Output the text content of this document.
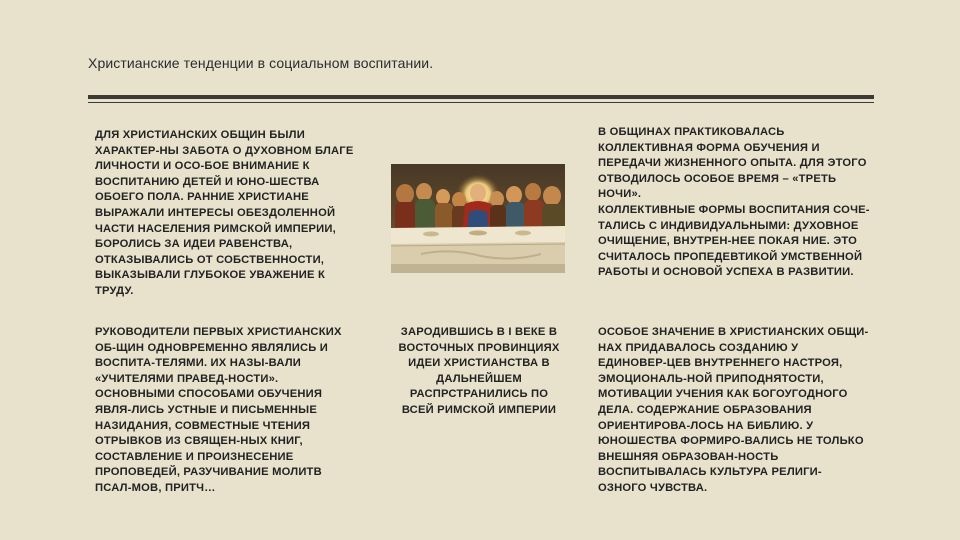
Христианские тенденции в социальном воспитании.
ДЛЯ ХРИСТИАНСКИХ ОБЩИН БЫЛИ ХАРАКТЕР-НЫ ЗАБОТА О ДУХОВНОМ БЛАГЕ ЛИЧНОСТИ И ОСО-БОЕ ВНИМАНИЕ К ВОСПИТАНИЮ ДЕТЕЙ И ЮНО-ШЕСТВА ОБОЕГО ПОЛА. РАННИЕ ХРИСТИАНЕ ВЫРАЖАЛИ ИНТЕРЕСЫ ОБЕЗДОЛЕННОЙ ЧАСТИ НАСЕЛЕНИЯ РИМСКОЙ ИМПЕРИИ, БОРОЛИСЬ ЗА ИДЕИ РАВЕНСТВА, ОТКАЗЫВАЛИСЬ ОТ СОБСТВЕННОСТИ, ВЫКАЗЫВАЛИ ГЛУБОКОЕ УВАЖЕНИЕ К ТРУДУ.
В ОБЩИНАХ ПРАКТИКОВАЛАСЬ КОЛЛЕКТИВНАЯ ФОРМА ОБУЧЕНИЯ И ПЕРЕДАЧИ ЖИЗНЕННОГО ОПЫТА. ДЛЯ ЭТОГО ОТВОДИЛОСЬ ОСОБОЕ ВРЕМЯ – «ТРЕТЬ НОЧИ».
КОЛЛЕКТИВНЫЕ ФОРМЫ ВОСПИТАНИЯ СОЧЕ-ТАЛИСЬ С ИНДИВИДУАЛЬНЫМИ: ДУХОВНОЕ ОЧИЩЕНИЕ, ВНУТРЕН-НЕЕ ПОКАЯ НИЕ. ЭТО СЧИТАЛОСЬ ПРОПЕДЕВТИКОЙ УМСТВЕННОЙ РАБОТЫ И ОСНОВОЙ УСПЕХА В РАЗВИТИИ.
РУКОВОДИТЕЛИ ПЕРВЫХ ХРИСТИАНСКИХ ОБ-ЩИН ОДНОВРЕМЕННО ЯВЛЯЛИСЬ И ВОСПИТА-ТЕЛЯМИ. ИХ НАЗЫ-ВАЛИ «УЧИТЕЛЯМИ ПРАВЕД-НОСТИ». ОСНОВНЫМИ СПОСОБАМИ ОБУЧЕНИЯ ЯВЛЯ-ЛИСЬ УСТНЫЕ И ПИСЬМЕННЫЕ НАЗИДАНИЯ, СОВМЕСТНЫЕ ЧТЕНИЯ ОТРЫВКОВ ИЗ СВЯЩЕН-НЫХ КНИГ, СОСТАВЛЕНИЕ И ПРОИЗНЕСЕНИЕ ПРОПОВЕДЕЙ, РАЗУЧИВАНИЕ МОЛИТВ ПСАЛ-МОВ, ПРИТЧ…
ЗАРОДИВШИСЬ В I ВЕКЕ В ВОСТОЧНЫХ ПРОВИНЦИЯХ ИДЕИ ХРИСТИАНСТВА В ДАЛЬНЕЙШЕМ РАСПРСТРАНИЛИСЬ ПО ВСЕЙ РИМСКОЙ ИМПЕРИИ
ОСОБОЕ ЗНАЧЕНИЕ В ХРИСТИАНСКИХ ОБЩИ-НАХ ПРИДАВАЛОСЬ СОЗДАНИЮ У ЕДИНОВЕР-ЦЕВ ВНУТРЕННЕГО НАСТРОЯ, ЭМОЦИОНАЛЬ-НОЙ ПРИПОДНЯТОСТИ, МОТИВАЦИИ УЧЕНИЯ КАК БОГОУГОДНОГО ДЕЛА. СОДЕРЖАНИЕ ОБРАЗОВАНИЯ ОРИЕНТИРОВА-ЛОСЬ НА БИБЛИЮ. У ЮНОШЕСТВА ФОРМИРО-ВАЛИСЬ НЕ ТОЛЬКО ВНЕШНЯЯ ОБРАЗОВАН-НОСТЬ ВОСПИТЫВАЛАСЬ КУЛЬТУРА РЕЛИГИ-ОЗНОГО ЧУВСТВА.
